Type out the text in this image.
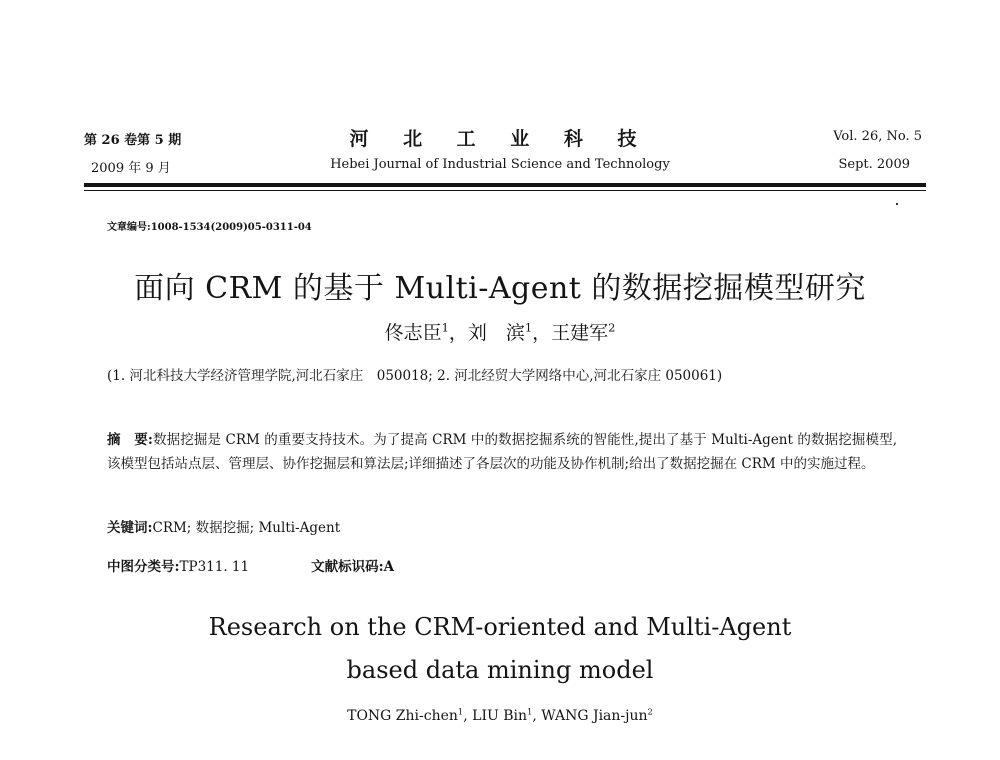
第 26 卷第 5 期
2009 年 9 月
河 北 工 业 科 技
Hebei Journal of Industrial Science and Technology
Vol. 26, No. 5
Sept. 2009
文章编号:1008-1534(2009)05-0311-04
面向 CRM 的基于 Multi-Agent 的数据挖掘模型研究
佟志臣$^1$，刘　滨$^1$，王建军$^2$
(1. 河北科技大学经济管理学院,河北石家庄　050018; 2. 河北经贸大学网络中心,河北石家庄 050061)
摘　要:数据挖掘是 CRM 的重要支持技术。为了提高 CRM 中的数据挖掘系统的智能性,提出了基于 Multi-Agent 的数据挖掘模型,该模型包括站点层、管理层、协作挖掘层和算法层;详细描述了各层次的功能及协作机制;给出了数据挖掘在 CRM 中的实施过程。
关键词:CRM; 数据挖掘; Multi-Agent
中图分类号:TP311. 11	文献标识码:A
Research on the CRM-oriented and Multi-Agent
based data mining model
TONG Zhi-chen$^1$, LIU Bin$^1$, WANG Jian-jun$^2$
